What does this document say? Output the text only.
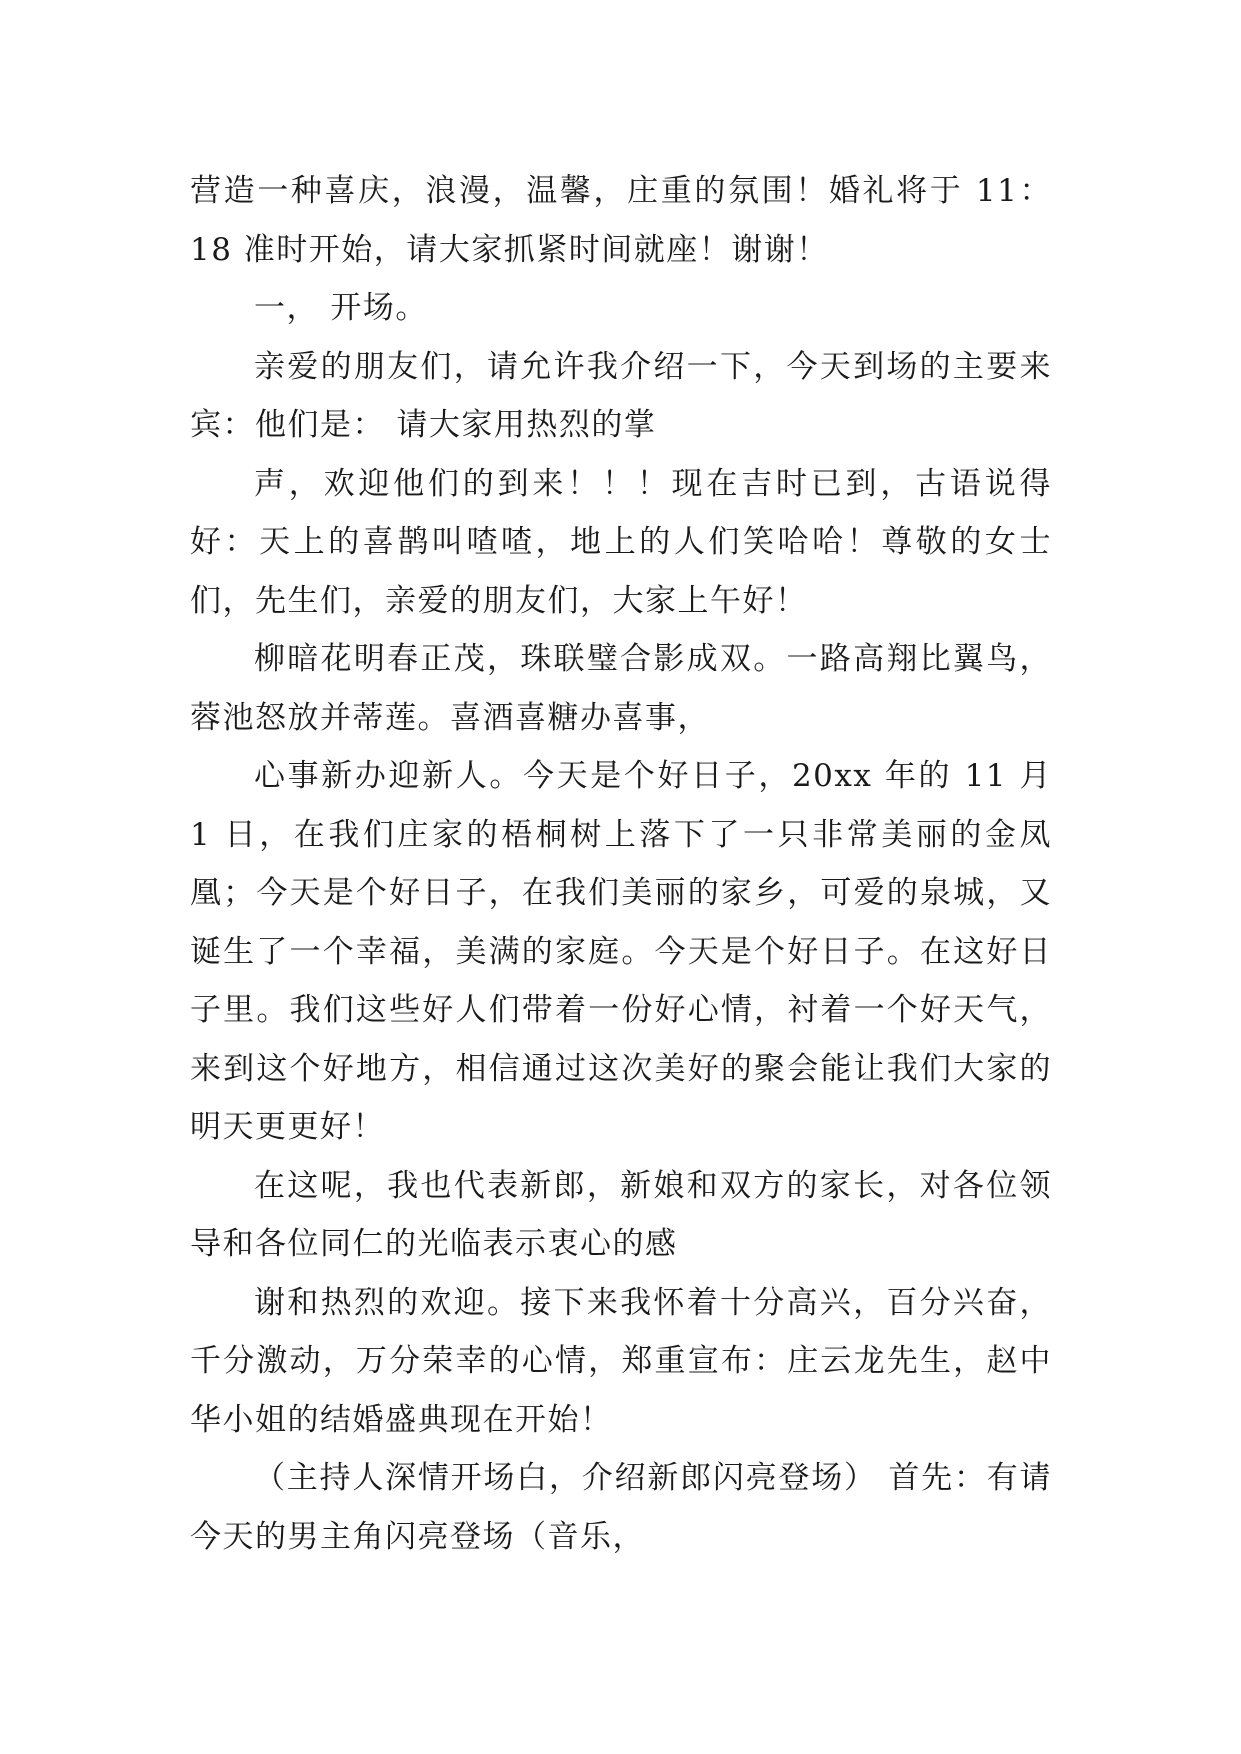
营造一种喜庆，浪漫，温馨，庄重的氛围！婚礼将于 11：18 准时开始，请大家抓紧时间就座！谢谢！

一， 开场。

亲爱的朋友们，请允许我介绍一下，今天到场的主要来宾：他们是： 请大家用热烈的掌

声，欢迎他们的到来！！！现在吉时已到，古语说得好：天上的喜鹊叫喳喳，地上的人们笑哈哈！尊敬的女士们，先生们，亲爱的朋友们，大家上午好！

柳暗花明春正茂，珠联璧合影成双。一路高翔比翼鸟，蓉池怒放并蒂莲。喜酒喜糖办喜事，

心事新办迎新人。今天是个好日子，20xx 年的 11 月 1 日，在我们庄家的梧桐树上落下了一只非常美丽的金凤凰；今天是个好日子，在我们美丽的家乡，可爱的泉城，又诞生了一个幸福，美满的家庭。今天是个好日子。在这好日子里。我们这些好人们带着一份好心情，衬着一个好天气，来到这个好地方，相信通过这次美好的聚会能让我们大家的明天更更好！

在这呢，我也代表新郎，新娘和双方的家长，对各位领导和各位同仁的光临表示衷心的感

谢和热烈的欢迎。接下来我怀着十分高兴，百分兴奋，千分激动，万分荣幸的心情，郑重宣布：庄云龙先生，赵中华小姐的结婚盛典现在开始！

（主持人深情开场白，介绍新郎闪亮登场） 首先：有请今天的男主角闪亮登场（音乐，
